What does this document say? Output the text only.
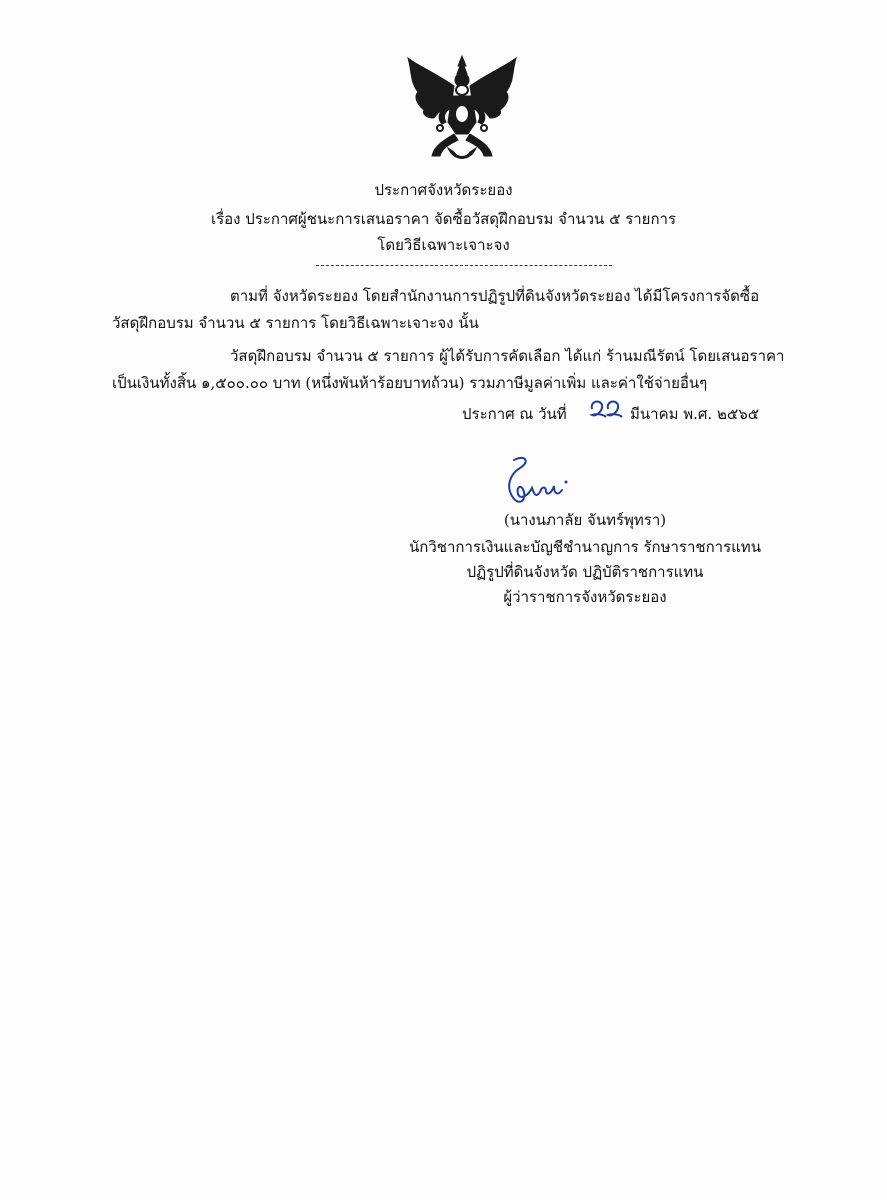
ประกาศจังหวัดระยอง
เรื่อง ประกาศผู้ชนะการเสนอราคา จัดซื้อวัสดุฝึกอบรม จำนวน ๕ รายการ
โดยวิธีเฉพาะเจาะจง
ตามที่ จังหวัดระยอง โดยสำนักงานการปฏิรูปที่ดินจังหวัดระยอง ได้มีโครงการจัดซื้อ
วัสดุฝึกอบรม จำนวน ๕ รายการ โดยวิธีเฉพาะเจาะจง นั้น
วัสดุฝึกอบรม จำนวน ๕ รายการ ผู้ได้รับการคัดเลือก ได้แก่ ร้านมณีรัตน์ โดยเสนอราคา
เป็นเงินทั้งสิ้น ๑,๕๐๐.๐๐ บาท (หนึ่งพันห้าร้อยบาทถ้วน) รวมภาษีมูลค่าเพิ่ม และค่าใช้จ่ายอื่นๆ
ประกาศ ณ วันที่	มีนาคม พ.ศ. ๒๕๖๕
(นางนภาลัย จันทร์พุทรา)
นักวิชาการเงินและบัญชีชำนาญการ รักษาราชการแทน
ปฏิรูปที่ดินจังหวัด ปฏิบัติราชการแทน
ผู้ว่าราชการจังหวัดระยอง
